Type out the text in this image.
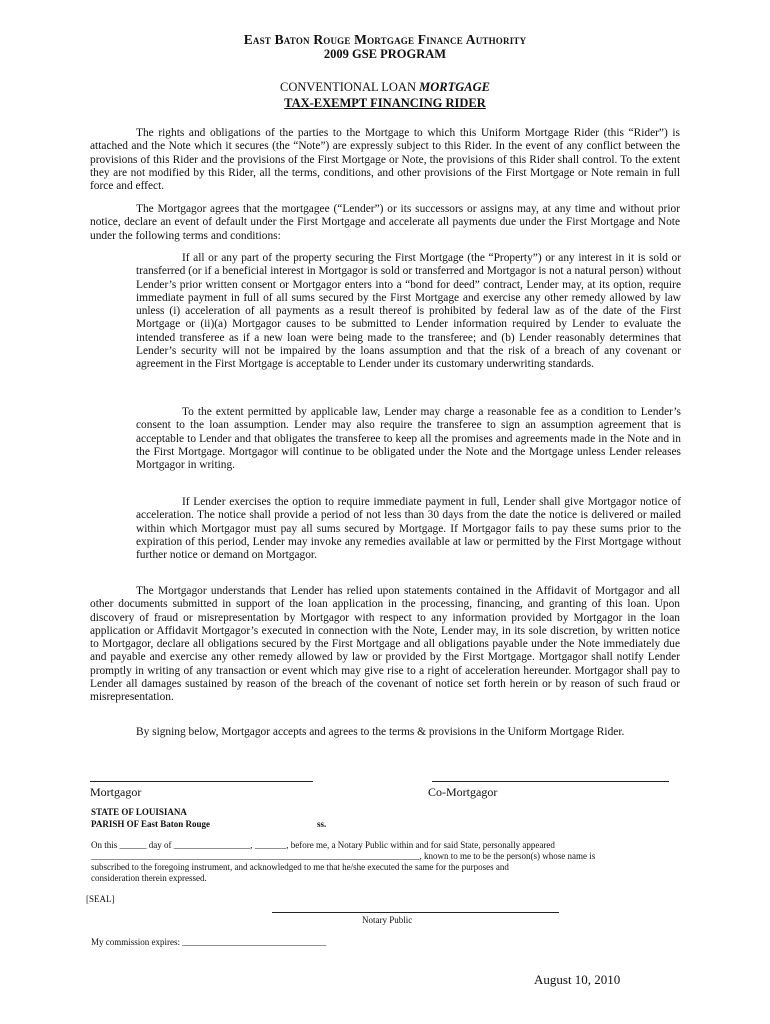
East Baton Rouge Mortgage Finance Authority
2009 GSE PROGRAM
CONVENTIONAL LOAN MORTGAGE
TAX-EXEMPT FINANCING RIDER

The rights and obligations of the parties to the Mortgage to which this Uniform Mortgage Rider (this “Rider”) is attached and the Note which it secures (the “Note”) are expressly subject to this Rider. In the event of any conflict between the provisions of this Rider and the provisions of the First Mortgage or Note, the provisions of this Rider shall control. To the extent they are not modified by this Rider, all the terms, conditions, and other provisions of the First Mortgage or Note remain in full force and effect.

The Mortgagor agrees that the mortgagee (“Lender”) or its successors or assigns may, at any time and without prior notice, declare an event of default under the First Mortgage and accelerate all payments due under the First Mortgage and Note under the following terms and conditions:

If all or any part of the property securing the First Mortgage (the “Property”) or any interest in it is sold or transferred (or if a beneficial interest in Mortgagor is sold or transferred and Mortgagor is not a natural person) without Lender’s prior written consent or Mortgagor enters into a “bond for deed” contract, Lender may, at its option, require immediate payment in full of all sums secured by the First Mortgage and exercise any other remedy allowed by law unless (i) acceleration of all payments as a result thereof is prohibited by federal law as of the date of the First Mortgage or (ii)(a) Mortgagor causes to be submitted to Lender information required by Lender to evaluate the intended transferee as if a new loan were being made to the transferee; and (b) Lender reasonably determines that Lender’s security will not be impaired by the loans assumption and that the risk of a breach of any covenant or agreement in the First Mortgage is acceptable to Lender under its customary underwriting standards.

To the extent permitted by applicable law, Lender may charge a reasonable fee as a condition to Lender’s consent to the loan assumption. Lender may also require the transferee to sign an assumption agreement that is acceptable to Lender and that obligates the transferee to keep all the promises and agreements made in the Note and in the First Mortgage. Mortgagor will continue to be obligated under the Note and the Mortgage unless Lender releases Mortgagor in writing.

If Lender exercises the option to require immediate payment in full, Lender shall give Mortgagor notice of acceleration. The notice shall provide a period of not less than 30 days from the date the notice is delivered or mailed within which Mortgagor must pay all sums secured by Mortgage. If Mortgagor fails to pay these sums prior to the expiration of this period, Lender may invoke any remedies available at law or permitted by the First Mortgage without further notice or demand on Mortgagor.

The Mortgagor understands that Lender has relied upon statements contained in the Affidavit of Mortgagor and all other documents submitted in support of the loan application in the processing, financing, and granting of this loan. Upon discovery of fraud or misrepresentation by Mortgagor with respect to any information provided by Mortgagor in the loan application or Affidavit Mortgagor’s executed in connection with the Note, Lender may, in its sole discretion, by written notice to Mortgagor, declare all obligations secured by the First Mortgage and all obligations payable under the Note immediately due and payable and exercise any other remedy allowed by law or provided by the First Mortgage. Mortgagor shall notify Lender promptly in writing of any transaction or event which may give rise to a right of acceleration hereunder. Mortgagor shall pay to Lender all damages sustained by reason of the breach of the covenant of notice set forth herein or by reason of such fraud or misrepresentation.

By signing below, Mortgagor accepts and agrees to the terms & provisions in the Uniform Mortgage Rider.

Mortgagor	Co-Mortgagor
STATE OF LOUISIANA
PARISH OF East Baton Rouge	ss.
On this ______ day of _________________, _______, before me, a Notary Public within and for said State, personally appeared
_________________________________________________________________________, known to me to be the person(s) whose name is
subscribed to the foregoing instrument, and acknowledged to me that he/she executed the same for the purposes and
consideration therein expressed.
[SEAL]
Notary Public
My commission expires: ________________________________
August 10, 2010
